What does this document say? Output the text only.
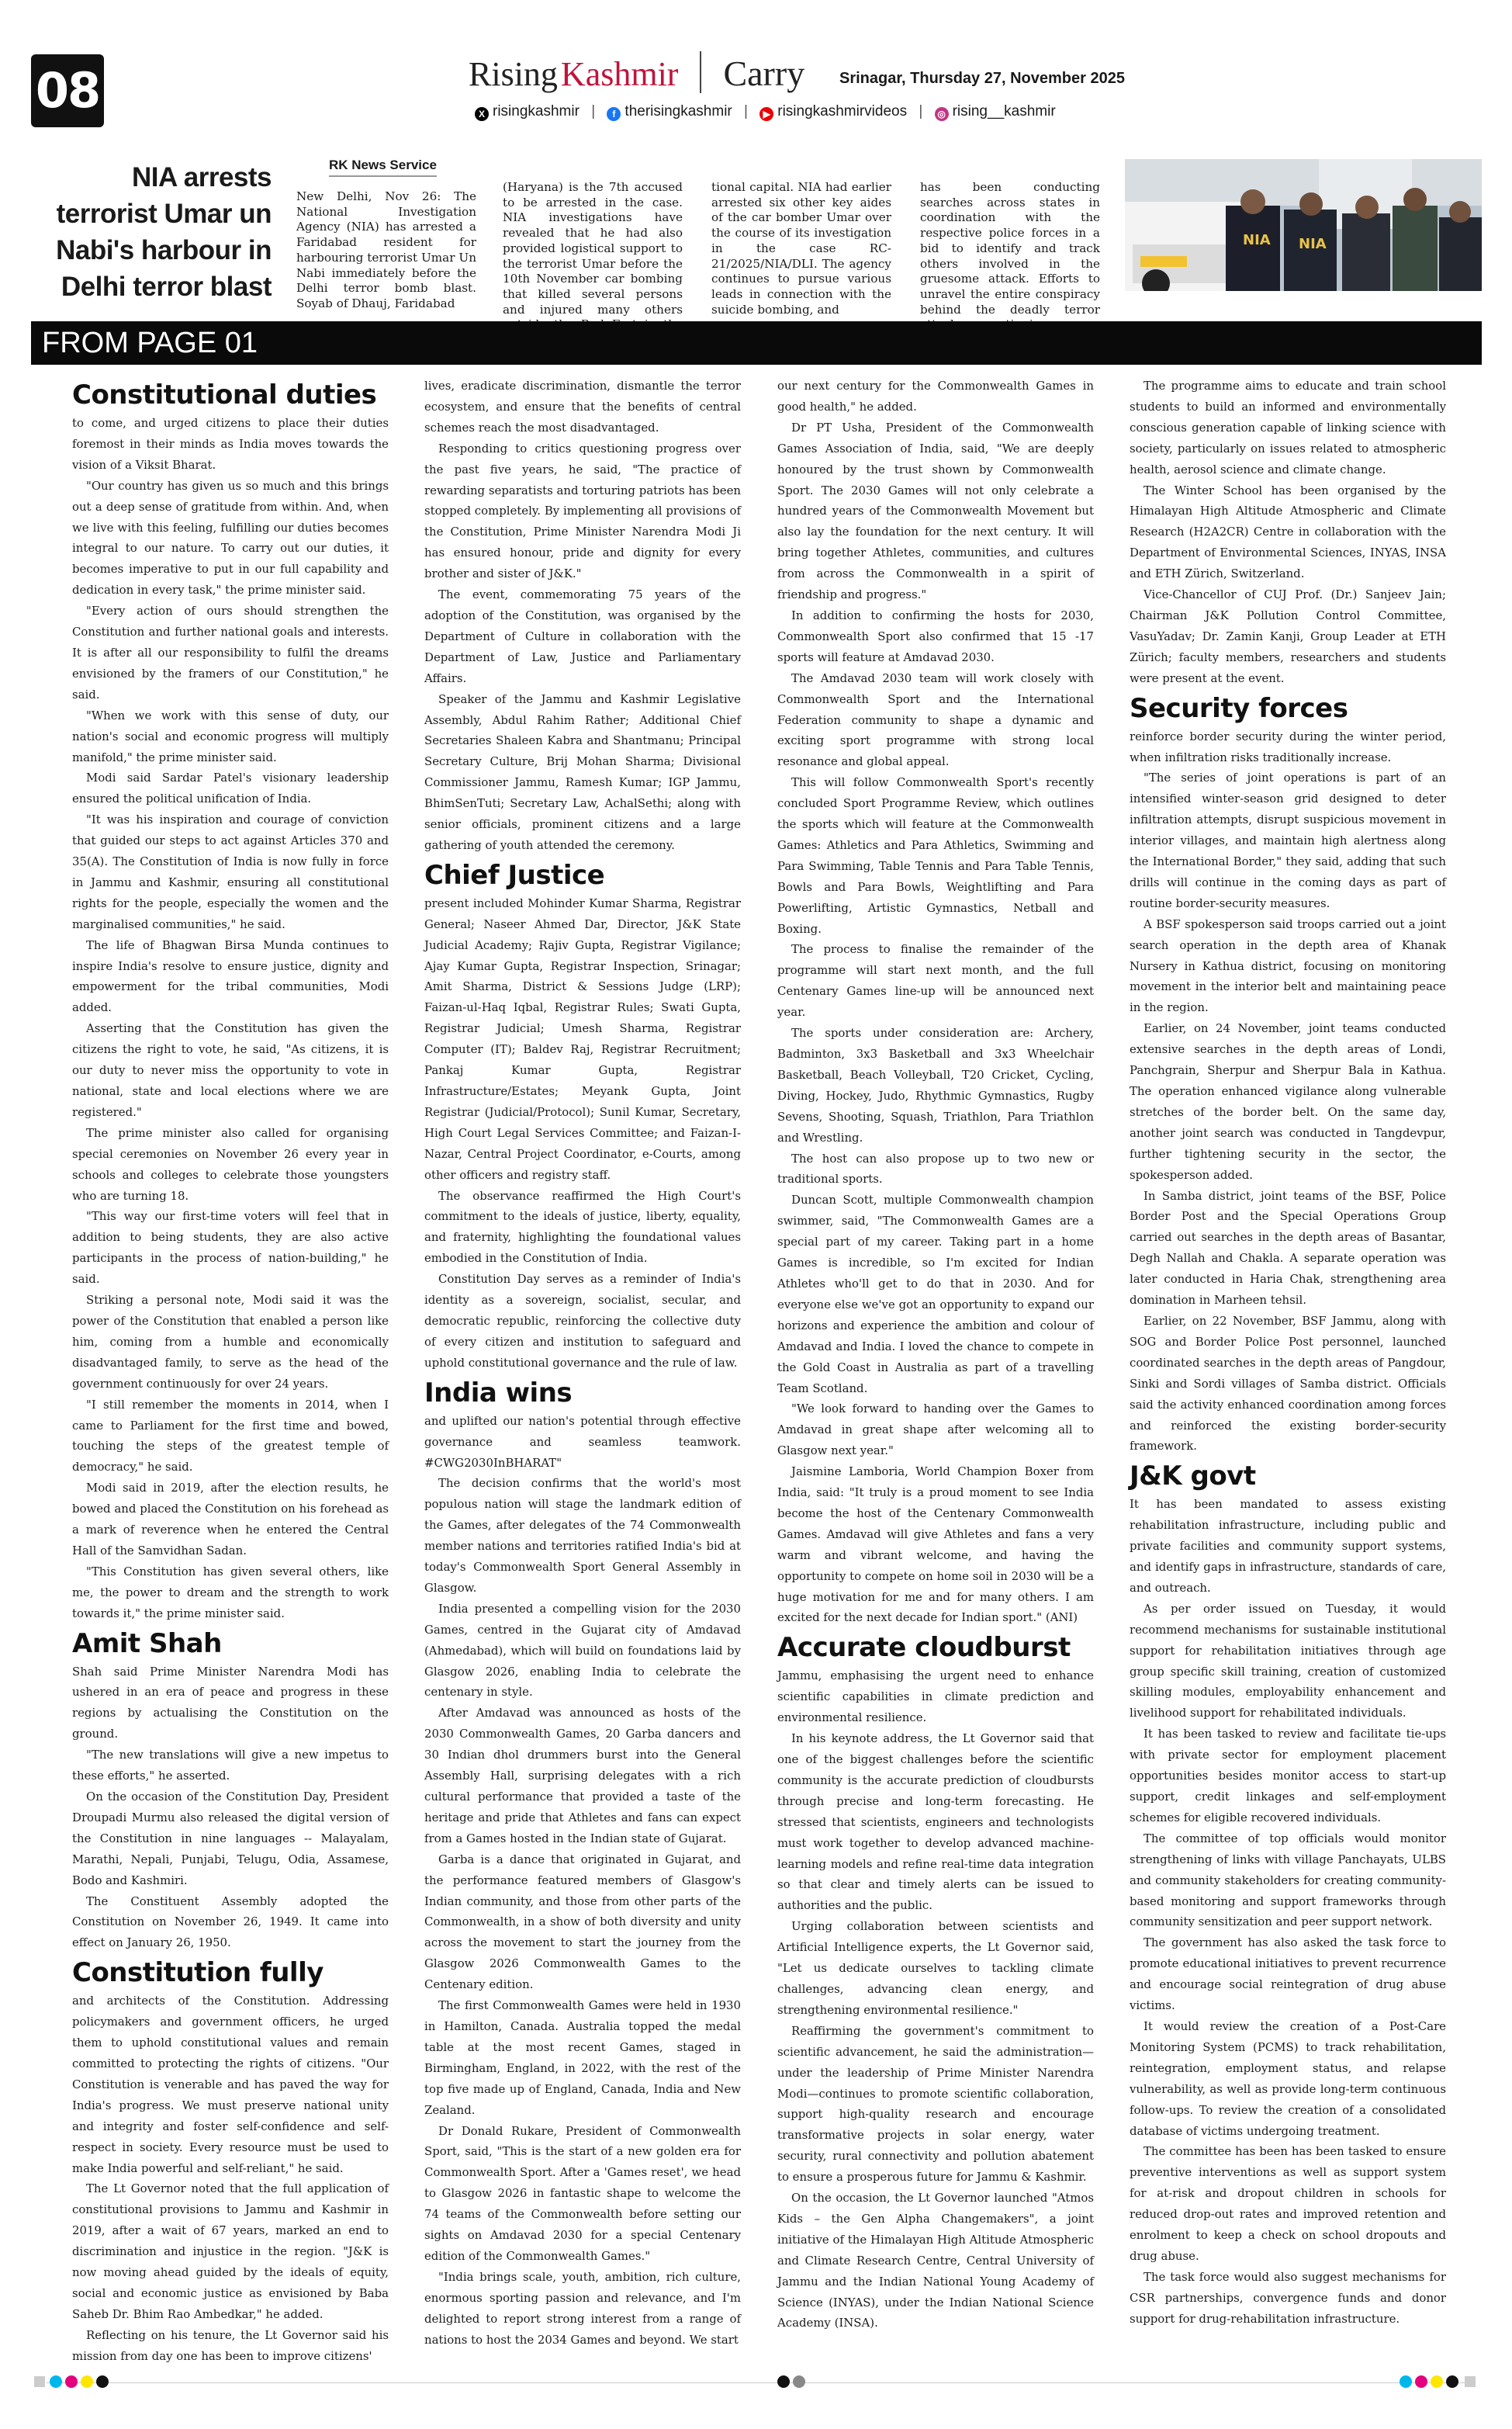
08	Rising Kashmir Carry	Srinagar, Thursday 27, November 2025
X risingkashmir | f therisingkashmir | ▶ risingkashmirvideos | ◎ rising__kashmir
NIA arrests terrorist Umar un Nabi's harbour in Delhi terror blast
RK News Service
New Delhi, Nov 26: The National Investigation Agency (NIA) has arrested a Faridabad resident for harbouring terrorist Umar Un Nabi immediately before the Delhi terror bomb blast. Soyab of Dhauj, Faridabad
(Haryana) is the 7th accused to be arrested in the case. NIA investigations have revealed that he had also provided logistical support to the terrorist Umar before the 10th November car bombing that killed several persons and injured many others
tional capital. NIA had earlier arrested six other key aides of the car bomber Umar over the course of its investigation in the case RC-21/2025/NIA/DLI. The agency continues to pursue various leads in connection with the suicide bombing, and
has been conducting searches across states in coordination with the respective police forces in a bid to identify and track others involved in the gruesome attack. Efforts to unravel the entire conspiracy behind the deadly terror
NIA NIA
FROM PAGE 01
Constitutional duties

to come, and urged citizens to place their duties foremost in their minds as India moves towards the vision of a Viksit Bharat.

"Our country has given us so much and this brings out a deep sense of gratitude from within. And, when we live with this feeling, fulfilling our duties becomes integral to our nature. To carry out our duties, it becomes imperative to put in our full capability and dedication in every task," the prime minister said.

"Every action of ours should strengthen the Constitution and further national goals and interests. It is after all our responsibility to fulfil the dreams envisioned by the framers of our Constitution," he said.

"When we work with this sense of duty, our nation's social and economic progress will multiply manifold," the prime minister said.

Modi said Sardar Patel's visionary leadership ensured the political unification of India.

"It was his inspiration and courage of conviction that guided our steps to act against Articles 370 and 35(A). The Constitution of India is now fully in force in Jammu and Kashmir, ensuring all constitutional rights for the people, especially the women and the marginalised communities," he said.

The life of Bhagwan Birsa Munda continues to inspire India's resolve to ensure justice, dignity and empowerment for the tribal communities, Modi added.

Asserting that the Constitution has given the citizens the right to vote, he said, "As citizens, it is our duty to never miss the opportunity to vote in national, state and local elections where we are registered."

The prime minister also called for organising special ceremonies on November 26 every year in schools and colleges to celebrate those youngsters who are turning 18.

"This way our first-time voters will feel that in addition to being students, they are also active participants in the process of nation-building," he said.

Striking a personal note, Modi said it was the power of the Constitution that enabled a person like him, coming from a humble and economically disadvantaged family, to serve as the head of the government continuously for over 24 years.

"I still remember the moments in 2014, when I came to Parliament for the first time and bowed, touching the steps of the greatest temple of democracy," he said.

Modi said in 2019, after the election results, he bowed and placed the Constitution on his forehead as a mark of reverence when he entered the Central Hall of the Samvidhan Sadan.

"This Constitution has given several others, like me, the power to dream and the strength to work towards it," the prime minister said.

Amit Shah

Shah said Prime Minister Narendra Modi has ushered in an era of peace and progress in these regions by actualising the Constitution on the ground.

"The new translations will give a new impetus to these efforts," he asserted.

On the occasion of the Constitution Day, President Droupadi Murmu also released the digital version of the Constitution in nine languages -- Malayalam, Marathi, Nepali, Punjabi, Telugu, Odia, Assamese, Bodo and Kashmiri.

The Constituent Assembly adopted the Constitution on November 26, 1949. It came into effect on January 26, 1950.

Constitution fully

and architects of the Constitution. Addressing policymakers and government officers, he urged them to uphold constitutional values and remain committed to protecting the rights of citizens. "Our Constitution is venerable and has paved the way for India's progress. We must preserve national unity and integrity and foster self-confidence and self-respect in society. Every resource must be used to make India powerful and self-reliant," he said.

The Lt Governor noted that the full application of constitutional provisions to Jammu and Kashmir in 2019, after a wait of 67 years, marked an end to discrimination and injustice in the region. "J&K is now moving ahead guided by the ideals of equity, social and economic justice as envisioned by Baba Saheb Dr. Bhim Rao Ambedkar," he added.

Reflecting on his tenure, the Lt Governor said his mission from day one has been to improve citizens'

lives, eradicate discrimination, dismantle the terror ecosystem, and ensure that the benefits of central schemes reach the most disadvantaged.

Responding to critics questioning progress over the past five years, he said, "The practice of rewarding separatists and torturing patriots has been stopped completely. By implementing all provisions of the Constitution, Prime Minister Narendra Modi Ji has ensured honour, pride and dignity for every brother and sister of J&K."

The event, commemorating 75 years of the adoption of the Constitution, was organised by the Department of Culture in collaboration with the Department of Law, Justice and Parliamentary Affairs.

Speaker of the Jammu and Kashmir Legislative Assembly, Abdul Rahim Rather; Additional Chief Secretaries Shaleen Kabra and Shantmanu; Principal Secretary Culture, Brij Mohan Sharma; Divisional Commissioner Jammu, Ramesh Kumar; IGP Jammu, BhimSenTuti; Secretary Law, AchalSethi; along with senior officials, prominent citizens and a large gathering of youth attended the ceremony.

Chief Justice

present included Mohinder Kumar Sharma, Registrar General; Naseer Ahmed Dar, Director, J&K State Judicial Academy; Rajiv Gupta, Registrar Vigilance; Ajay Kumar Gupta, Registrar Inspection, Srinagar; Amit Sharma, District & Sessions Judge (LRP); Faizan-ul-Haq Iqbal, Registrar Rules; Swati Gupta, Registrar Judicial; Umesh Sharma, Registrar Computer (IT); Baldev Raj, Registrar Recruitment; Pankaj Kumar Gupta, Registrar Infrastructure/Estates; Meyank Gupta, Joint Registrar (Judicial/Protocol); Sunil Kumar, Secretary, High Court Legal Services Committee; and Faizan-I-Nazar, Central Project Coordinator, e-Courts, among other officers and registry staff.

The observance reaffirmed the High Court's commitment to the ideals of justice, liberty, equality, and fraternity, highlighting the foundational values embodied in the Constitution of India.

Constitution Day serves as a reminder of India's identity as a sovereign, socialist, secular, and democratic republic, reinforcing the collective duty of every citizen and institution to safeguard and uphold constitutional governance and the rule of law.

India wins

and uplifted our nation's potential through effective governance and seamless teamwork. #CWG2030InBHARAT"

The decision confirms that the world's most populous nation will stage the landmark edition of the Games, after delegates of the 74 Commonwealth member nations and territories ratified India's bid at today's Commonwealth Sport General Assembly in Glasgow.

India presented a compelling vision for the 2030 Games, centred in the Gujarat city of Amdavad (Ahmedabad), which will build on foundations laid by Glasgow 2026, enabling India to celebrate the centenary in style.

After Amdavad was announced as hosts of the 2030 Commonwealth Games, 20 Garba dancers and 30 Indian dhol drummers burst into the General Assembly Hall, surprising delegates with a rich cultural performance that provided a taste of the heritage and pride that Athletes and fans can expect from a Games hosted in the Indian state of Gujarat.

Garba is a dance that originated in Gujarat, and the performance featured members of Glasgow's Indian community, and those from other parts of the Commonwealth, in a show of both diversity and unity across the movement to start the journey from the Glasgow 2026 Commonwealth Games to the Centenary edition.

The first Commonwealth Games were held in 1930 in Hamilton, Canada. Australia topped the medal table at the most recent Games, staged in Birmingham, England, in 2022, with the rest of the top five made up of England, Canada, India and New Zealand.

Dr Donald Rukare, President of Commonwealth Sport, said, "This is the start of a new golden era for Commonwealth Sport. After a 'Games reset', we head to Glasgow 2026 in fantastic shape to welcome the 74 teams of the Commonwealth before setting our sights on Amdavad 2030 for a special Centenary edition of the Commonwealth Games."

"India brings scale, youth, ambition, rich culture, enormous sporting passion and relevance, and I'm delighted to report strong interest from a range of nations to host the 2034 Games and beyond. We start

our next century for the Commonwealth Games in good health," he added.

Dr PT Usha, President of the Commonwealth Games Association of India, said, "We are deeply honoured by the trust shown by Commonwealth Sport. The 2030 Games will not only celebrate a hundred years of the Commonwealth Movement but also lay the foundation for the next century. It will bring together Athletes, communities, and cultures from across the Commonwealth in a spirit of friendship and progress."

In addition to confirming the hosts for 2030, Commonwealth Sport also confirmed that 15 -17 sports will feature at Amdavad 2030.

The Amdavad 2030 team will work closely with Commonwealth Sport and the International Federation community to shape a dynamic and exciting sport programme with strong local resonance and global appeal.

This will follow Commonwealth Sport's recently concluded Sport Programme Review, which outlines the sports which will feature at the Commonwealth Games: Athletics and Para Athletics, Swimming and Para Swimming, Table Tennis and Para Table Tennis, Bowls and Para Bowls, Weightlifting and Para Powerlifting, Artistic Gymnastics, Netball and Boxing.

The process to finalise the remainder of the programme will start next month, and the full Centenary Games line-up will be announced next year.

The sports under consideration are: Archery, Badminton, 3x3 Basketball and 3x3 Wheelchair Basketball, Beach Volleyball, T20 Cricket, Cycling, Diving, Hockey, Judo, Rhythmic Gymnastics, Rugby Sevens, Shooting, Squash, Triathlon, Para Triathlon and Wrestling.

The host can also propose up to two new or traditional sports.

Duncan Scott, multiple Commonwealth champion swimmer, said, "The Commonwealth Games are a special part of my career. Taking part in a home Games is incredible, so I'm excited for Indian Athletes who'll get to do that in 2030. And for everyone else we've got an opportunity to expand our horizons and experience the ambition and colour of Amdavad and India. I loved the chance to compete in the Gold Coast in Australia as part of a travelling Team Scotland.

"We look forward to handing over the Games to Amdavad in great shape after welcoming all to Glasgow next year."

Jaismine Lamboria, World Champion Boxer from India, said: "It truly is a proud moment to see India become the host of the Centenary Commonwealth Games. Amdavad will give Athletes and fans a very warm and vibrant welcome, and having the opportunity to compete on home soil in 2030 will be a huge motivation for me and for many others. I am excited for the next decade for Indian sport." (ANI)

Accurate cloudburst

Jammu, emphasising the urgent need to enhance scientific capabilities in climate prediction and environmental resilience.

In his keynote address, the Lt Governor said that one of the biggest challenges before the scientific community is the accurate prediction of cloudbursts through precise and long-term forecasting. He stressed that scientists, engineers and technologists must work together to develop advanced machine-learning models and refine real-time data integration so that clear and timely alerts can be issued to authorities and the public.

Urging collaboration between scientists and Artificial Intelligence experts, the Lt Governor said, "Let us dedicate ourselves to tackling climate challenges, advancing clean energy, and strengthening environmental resilience."

Reaffirming the government's commitment to scientific advancement, he said the administration—under the leadership of Prime Minister Narendra Modi—continues to promote scientific collaboration, support high-quality research and encourage transformative projects in solar energy, water security, rural connectivity and pollution abatement to ensure a prosperous future for Jammu & Kashmir.

On the occasion, the Lt Governor launched "Atmos Kids – the Gen Alpha Changemakers", a joint initiative of the Himalayan High Altitude Atmospheric and Climate Research Centre, Central University of Jammu and the Indian National Young Academy of Science (INYAS), under the Indian National Science Academy (INSA).

The programme aims to educate and train school students to build an informed and environmentally conscious generation capable of linking science with society, particularly on issues related to atmospheric health, aerosol science and climate change.

The Winter School has been organised by the Himalayan High Altitude Atmospheric and Climate Research (H2A2CR) Centre in collaboration with the Department of Environmental Sciences, INYAS, INSA and ETH Zürich, Switzerland.

Vice-Chancellor of CUJ Prof. (Dr.) Sanjeev Jain; Chairman J&K Pollution Control Committee, VasuYadav; Dr. Zamin Kanji, Group Leader at ETH Zürich; faculty members, researchers and students were present at the event.

Security forces

reinforce border security during the winter period, when infiltration risks traditionally increase.

"The series of joint operations is part of an intensified winter-season grid designed to deter infiltration attempts, disrupt suspicious movement in interior villages, and maintain high alertness along the International Border," they said, adding that such drills will continue in the coming days as part of routine border-security measures.

A BSF spokesperson said troops carried out a joint search operation in the depth area of Khanak Nursery in Kathua district, focusing on monitoring movement in the interior belt and maintaining peace in the region.

Earlier, on 24 November, joint teams conducted extensive searches in the depth areas of Londi, Panchgrain, Sherpur and Sherpur Bala in Kathua. The operation enhanced vigilance along vulnerable stretches of the border belt. On the same day, another joint search was conducted in Tangdevpur, further tightening security in the sector, the spokesperson added.

In Samba district, joint teams of the BSF, Police Border Post and the Special Operations Group carried out searches in the depth areas of Basantar, Degh Nallah and Chakla. A separate operation was later conducted in Haria Chak, strengthening area domination in Marheen tehsil.

Earlier, on 22 November, BSF Jammu, along with SOG and Border Police Post personnel, launched coordinated searches in the depth areas of Pangdour, Sinki and Sordi villages of Samba district. Officials said the activity enhanced coordination among forces and reinforced the existing border-security framework.

J&K govt

It has been mandated to assess existing rehabilitation infrastructure, including public and private facilities and community support systems, and identify gaps in infrastructure, standards of care, and outreach.

As per order issued on Tuesday, it would recommend mechanisms for sustainable institutional support for rehabilitation initiatives through age group specific skill training, creation of customized skilling modules, employability enhancement and livelihood support for rehabilitated individuals.

It has been tasked to review and facilitate tie-ups with private sector for employment placement opportunities besides monitor access to start-up support, credit linkages and self-employment schemes for eligible recovered individuals.

The committee of top officials would monitor strengthening of links with village Panchayats, ULBS and community stakeholders for creating community-based monitoring and support frameworks through community sensitization and peer support network.

The government has also asked the task force to promote educational initiatives to prevent recurrence and encourage social reintegration of drug abuse victims.

It would review the creation of a Post-Care Monitoring System (PCMS) to track rehabilitation, reintegration, employment status, and relapse vulnerability, as well as provide long-term continuous follow-ups. To review the creation of a consolidated database of victims undergoing treatment.

The committee has been has been tasked to ensure preventive interventions as well as support system for at-risk and dropout children in schools for reduced drop-out rates and improved retention and enrolment to keep a check on school dropouts and drug abuse.

The task force would also suggest mechanisms for CSR partnerships, convergence funds and donor support for drug-rehabilitation infrastructure.
